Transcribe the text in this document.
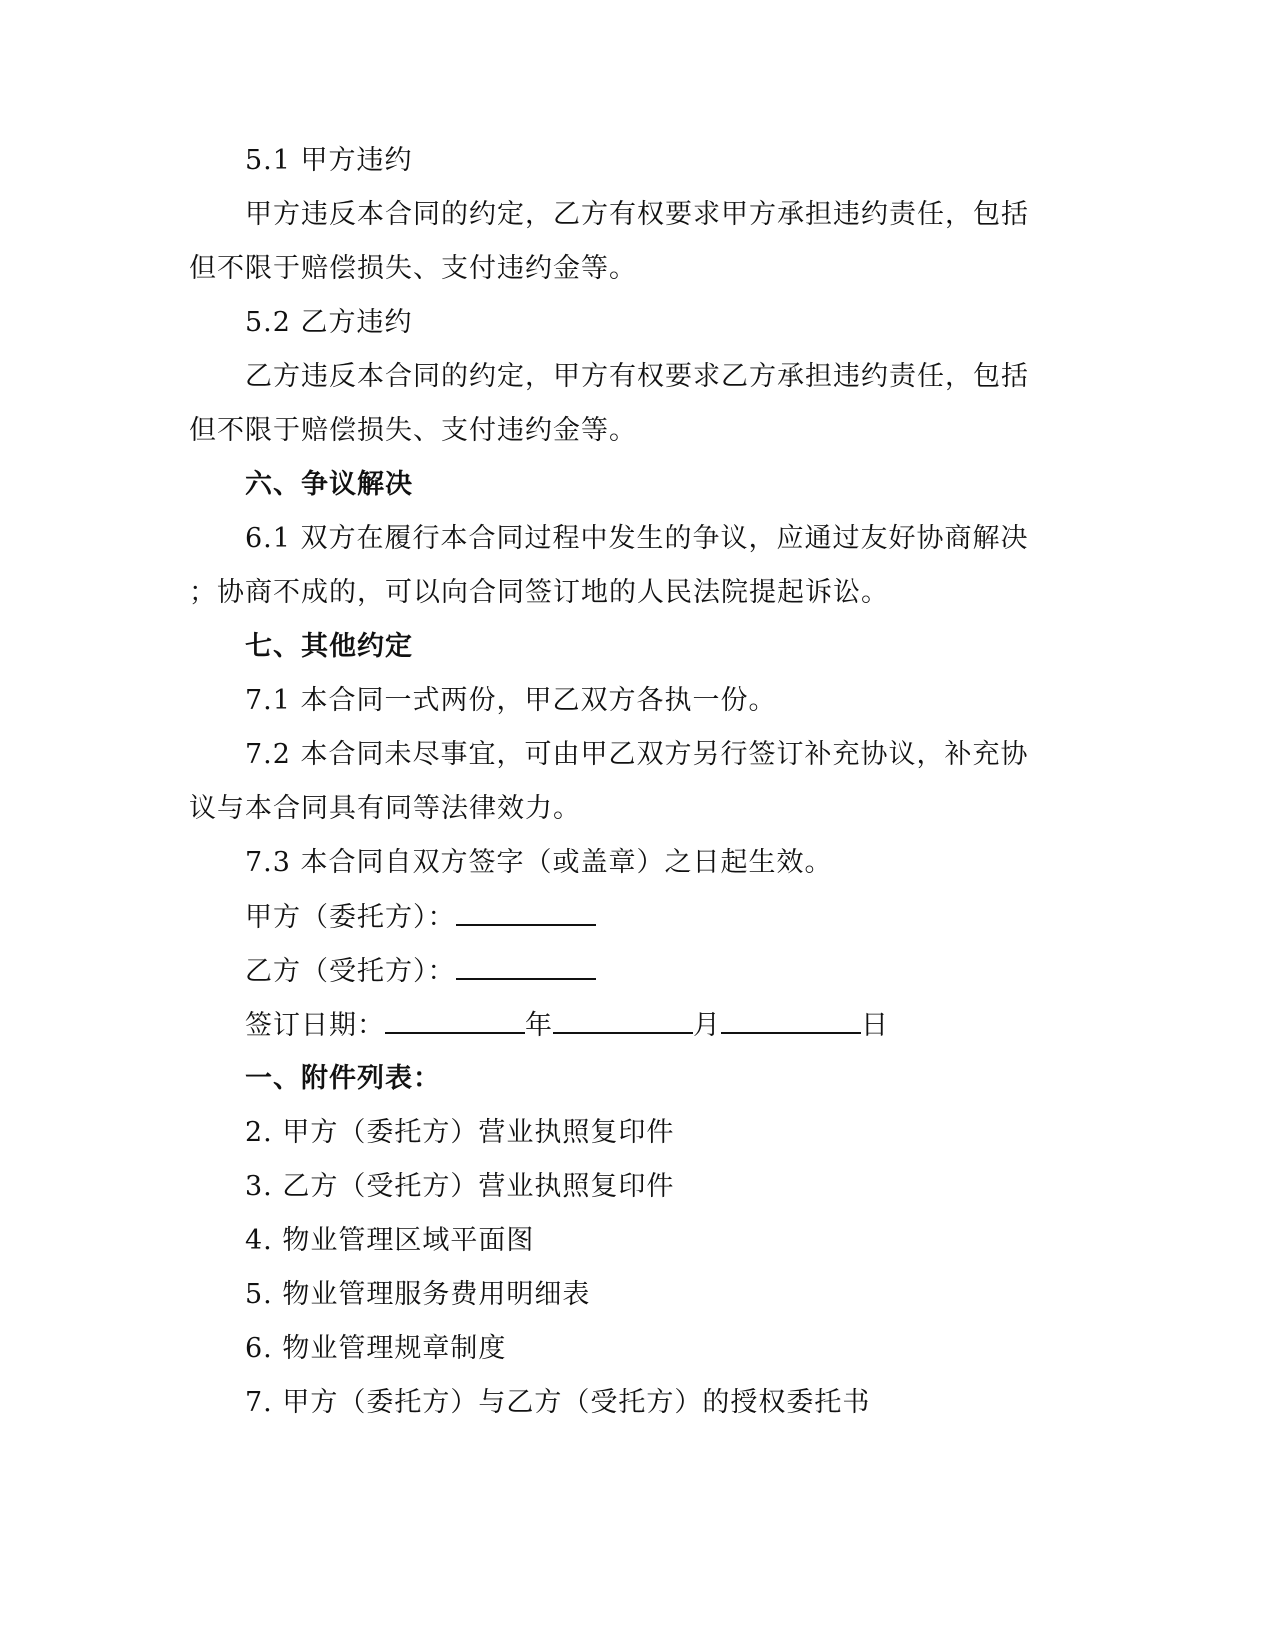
5.1 甲方违约
甲方违反本合同的约定，乙方有权要求甲方承担违约责任，包括
但不限于赔偿损失、支付违约金等。
5.2 乙方违约
乙方违反本合同的约定，甲方有权要求乙方承担违约责任，包括
但不限于赔偿损失、支付违约金等。
六、争议解决
6.1 双方在履行本合同过程中发生的争议，应通过友好协商解决
；协商不成的，可以向合同签订地的人民法院提起诉讼。
七、其他约定
7.1 本合同一式两份，甲乙双方各执一份。
7.2 本合同未尽事宜，可由甲乙双方另行签订补充协议，补充协
议与本合同具有同等法律效力。
7.3 本合同自双方签字（或盖章）之日起生效。
甲方（委托方）：
乙方（受托方）：
签订日期：	年	月	日
一、附件列表：
2. 甲方（委托方）营业执照复印件
3. 乙方（受托方）营业执照复印件
4. 物业管理区域平面图
5. 物业管理服务费用明细表
6. 物业管理规章制度
7. 甲方（委托方）与乙方（受托方）的授权委托书
